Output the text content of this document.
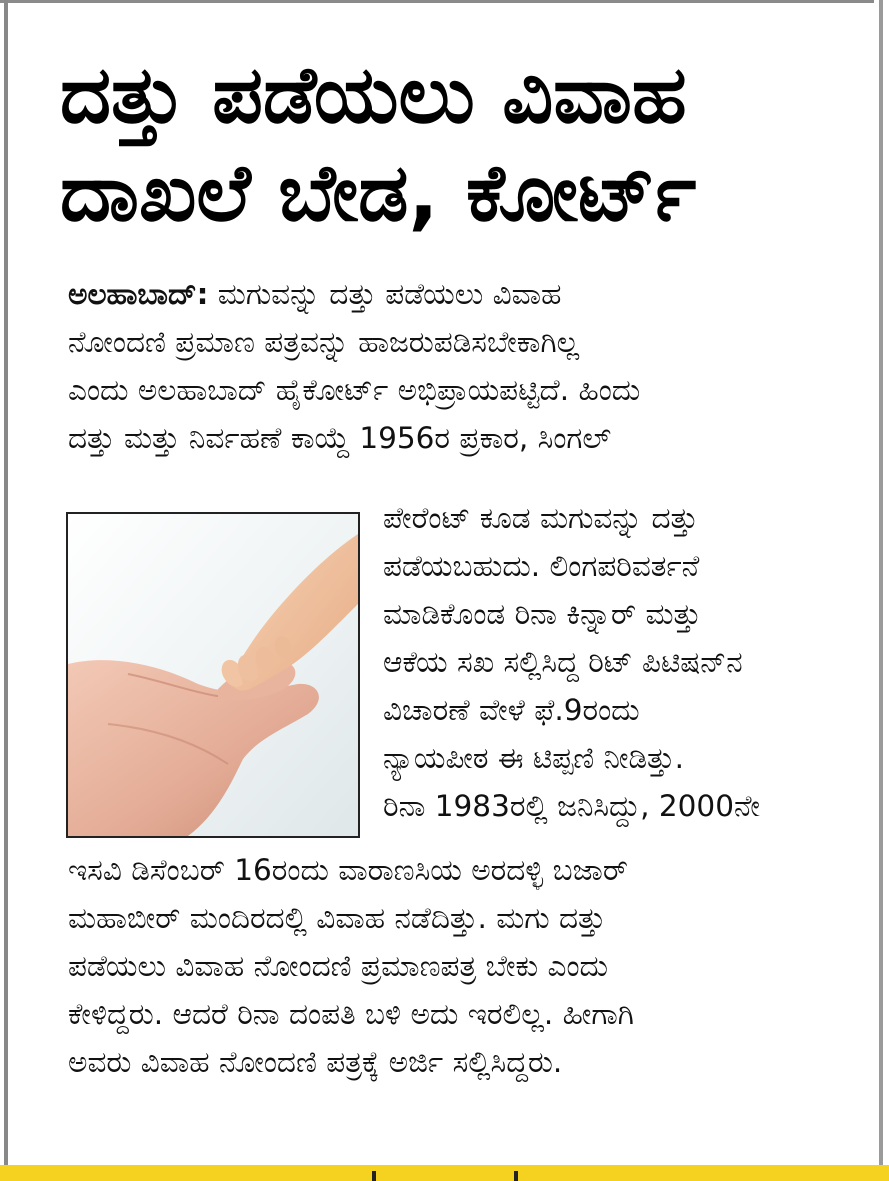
ದತ್ತು ಪಡೆಯಲು ವಿವಾಹ
ದಾಖಲೆ ಬೇಡ, ಕೋರ್ಟ್
ಅಲಹಾಬಾದ್: ಮಗುವನ್ನು ದತ್ತು ಪಡೆಯಲು ವಿವಾಹ
ನೋಂದಣಿ ಪ್ರಮಾಣ ಪತ್ರವನ್ನು ಹಾಜರುಪಡಿಸಬೇಕಾಗಿಲ್ಲ
ಎಂದು ಅಲಹಾಬಾದ್ ಹೈಕೋರ್ಟ್ ಅಭಿಪ್ರಾಯಪಟ್ಟಿದೆ. ಹಿಂದು
ದತ್ತು ಮತ್ತು ನಿರ್ವಹಣೆ ಕಾಯ್ದೆ 1956ರ ಪ್ರಕಾರ, ಸಿಂಗಲ್
ಪೇರೆಂಟ್ ಕೂಡ ಮಗುವನ್ನು ದತ್ತು
ಪಡೆಯಬಹುದು. ಲಿಂಗಪರಿವರ್ತನೆ
ಮಾಡಿಕೊಂಡ ರಿನಾ ಕಿನ್ನಾರ್ ಮತ್ತು
ಆಕೆಯ ಸಖ ಸಲ್ಲಿಸಿದ್ದ ರಿಟ್ ಪಿಟಿಷನ್‌ನ
ವಿಚಾರಣೆ ವೇಳೆ ಫೆ.9ರಂದು
ನ್ಯಾಯಪೀಠ ಈ ಟಿಪ್ಪಣಿ ನೀಡಿತ್ತು.
ರಿನಾ 1983ರಲ್ಲಿ ಜನಿಸಿದ್ದು, 2000ನೇ
ಇಸವಿ ಡಿಸೆಂಬರ್ 16ರಂದು ವಾರಾಣಸಿಯ ಅರದಳ್ಳಿ ಬಜಾರ್
ಮಹಾಬೀರ್ ಮಂದಿರದಲ್ಲಿ ವಿವಾಹ ನಡೆದಿತ್ತು. ಮಗು ದತ್ತು
ಪಡೆಯಲು ವಿವಾಹ ನೋಂದಣಿ ಪ್ರಮಾಣಪತ್ರ ಬೇಕು ಎಂದು
ಕೇಳಿದ್ದರು. ಆದರೆ ರಿನಾ ದಂಪತಿ ಬಳಿ ಅದು ಇರಲಿಲ್ಲ. ಹೀಗಾಗಿ
ಅವರು ವಿವಾಹ ನೋಂದಣಿ ಪತ್ರಕ್ಕೆ ಅರ್ಜಿ ಸಲ್ಲಿಸಿದ್ದರು.
